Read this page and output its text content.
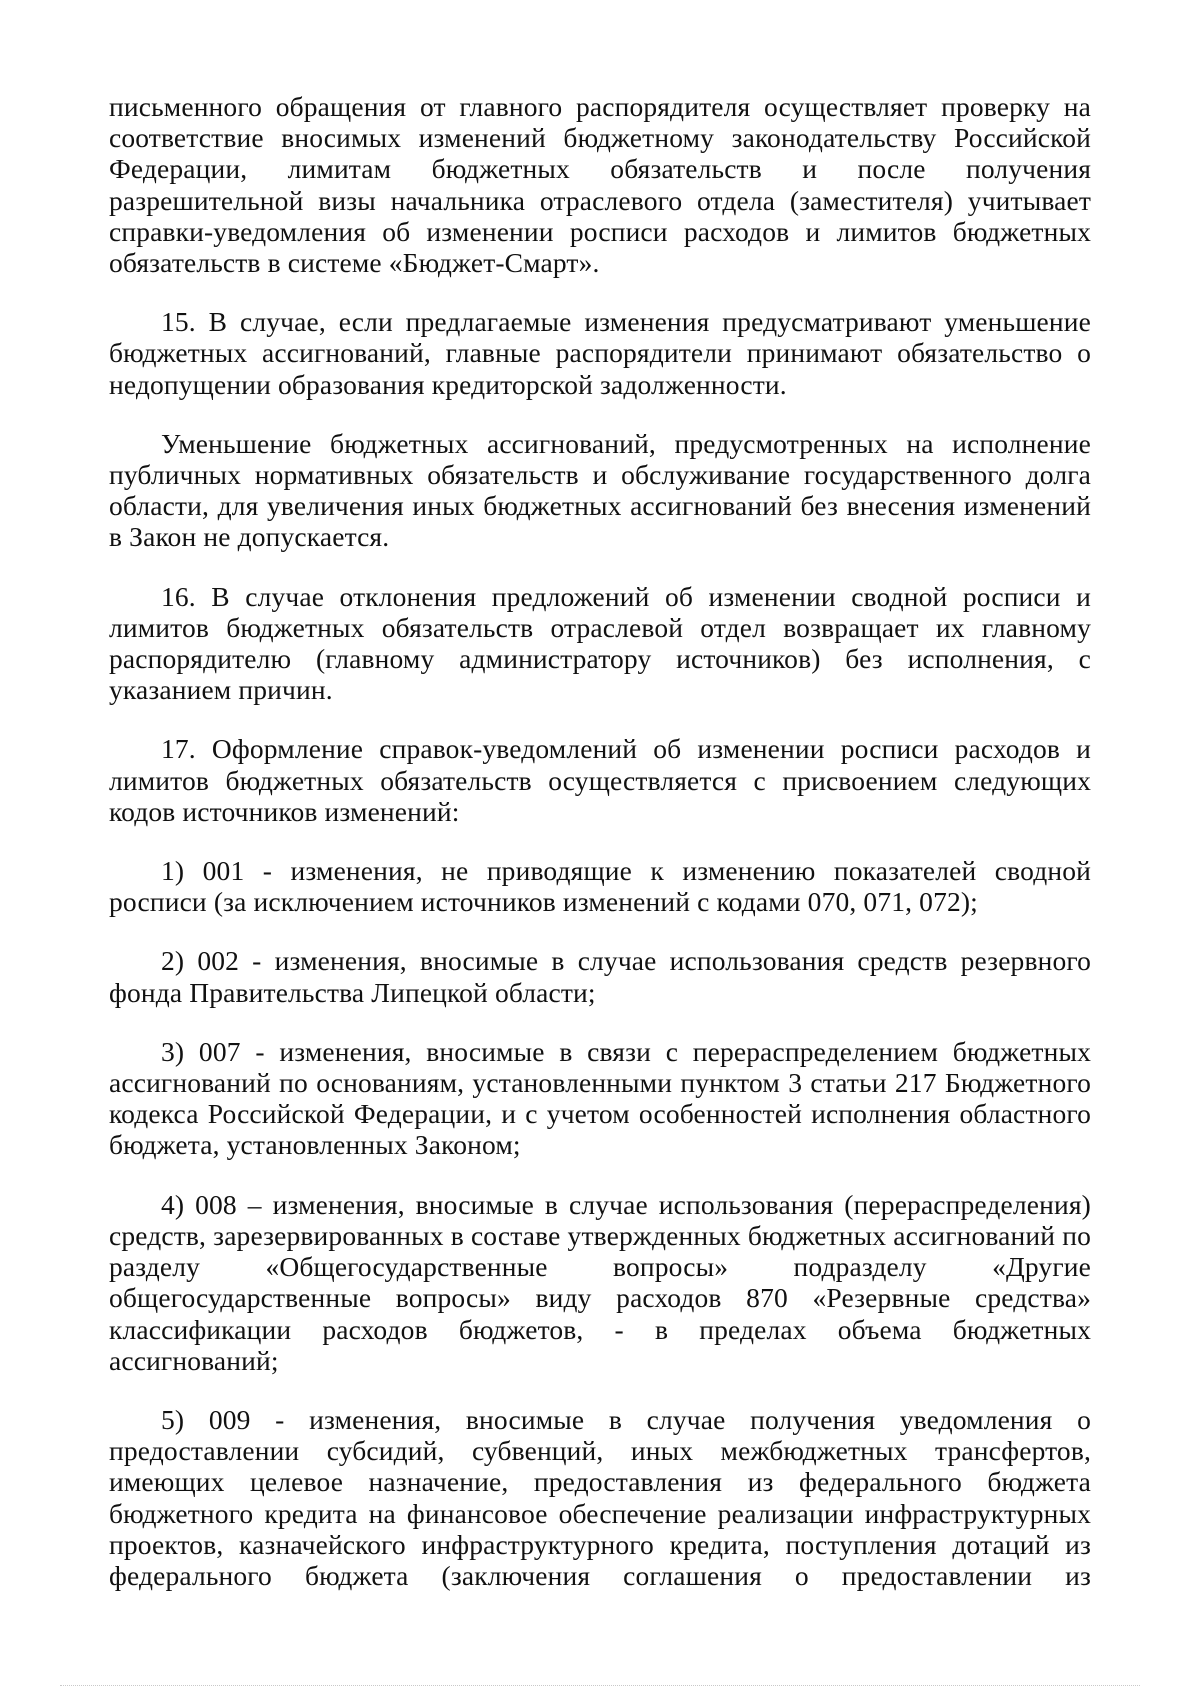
письменного обращения от главного распорядителя осуществляет проверку на соответствие вносимых изменений бюджетному законодательству Российской Федерации, лимитам бюджетных обязательств и после получения разрешительной визы начальника отраслевого отдела (заместителя) учитывает справки-уведомления об изменении росписи расходов и лимитов бюджетных обязательств в системе «Бюджет-Смарт».

15. В случае, если предлагаемые изменения предусматривают уменьшение бюджетных ассигнований, главные распорядители принимают обязательство о недопущении образования кредиторской задолженности.

Уменьшение бюджетных ассигнований, предусмотренных на исполнение публичных нормативных обязательств и обслуживание государственного долга области, для увеличения иных бюджетных ассигнований без внесения изменений в Закон не допускается.

16. В случае отклонения предложений об изменении сводной росписи и лимитов бюджетных обязательств отраслевой отдел возвращает их главному распорядителю (главному администратору источников) без исполнения, с указанием причин.

17. Оформление справок-уведомлений об изменении росписи расходов и лимитов бюджетных обязательств осуществляется с присвоением следующих кодов источников изменений:

1) 001 - изменения, не приводящие к изменению показателей сводной росписи (за исключением источников изменений с кодами 070, 071, 072);

2) 002 - изменения, вносимые в случае использования средств резервного фонда Правительства Липецкой области;

3) 007 - изменения, вносимые в связи с перераспределением бюджетных ассигнований по основаниям, установленными пунктом 3 статьи 217 Бюджетного кодекса Российской Федерации, и с учетом особенностей исполнения областного бюджета, установленных Законом;

4) 008 – изменения, вносимые в случае использования (перераспределения) средств, зарезервированных в составе утвержденных бюджетных ассигнований по разделу «Общегосударственные вопросы» подразделу «Другие общегосударственные вопросы» виду расходов 870 «Резервные средства» классификации расходов бюджетов, - в пределах объема бюджетных ассигнований;

5) 009 - изменения, вносимые в случае получения уведомления о предоставлении субсидий, субвенций, иных межбюджетных трансфертов, имеющих целевое назначение, предоставления из федерального бюджета бюджетного кредита на финансовое обеспечение реализации инфраструктурных проектов, казначейского инфраструктурного кредита, поступления дотаций из федерального бюджета (заключения соглашения о предоставлении из
